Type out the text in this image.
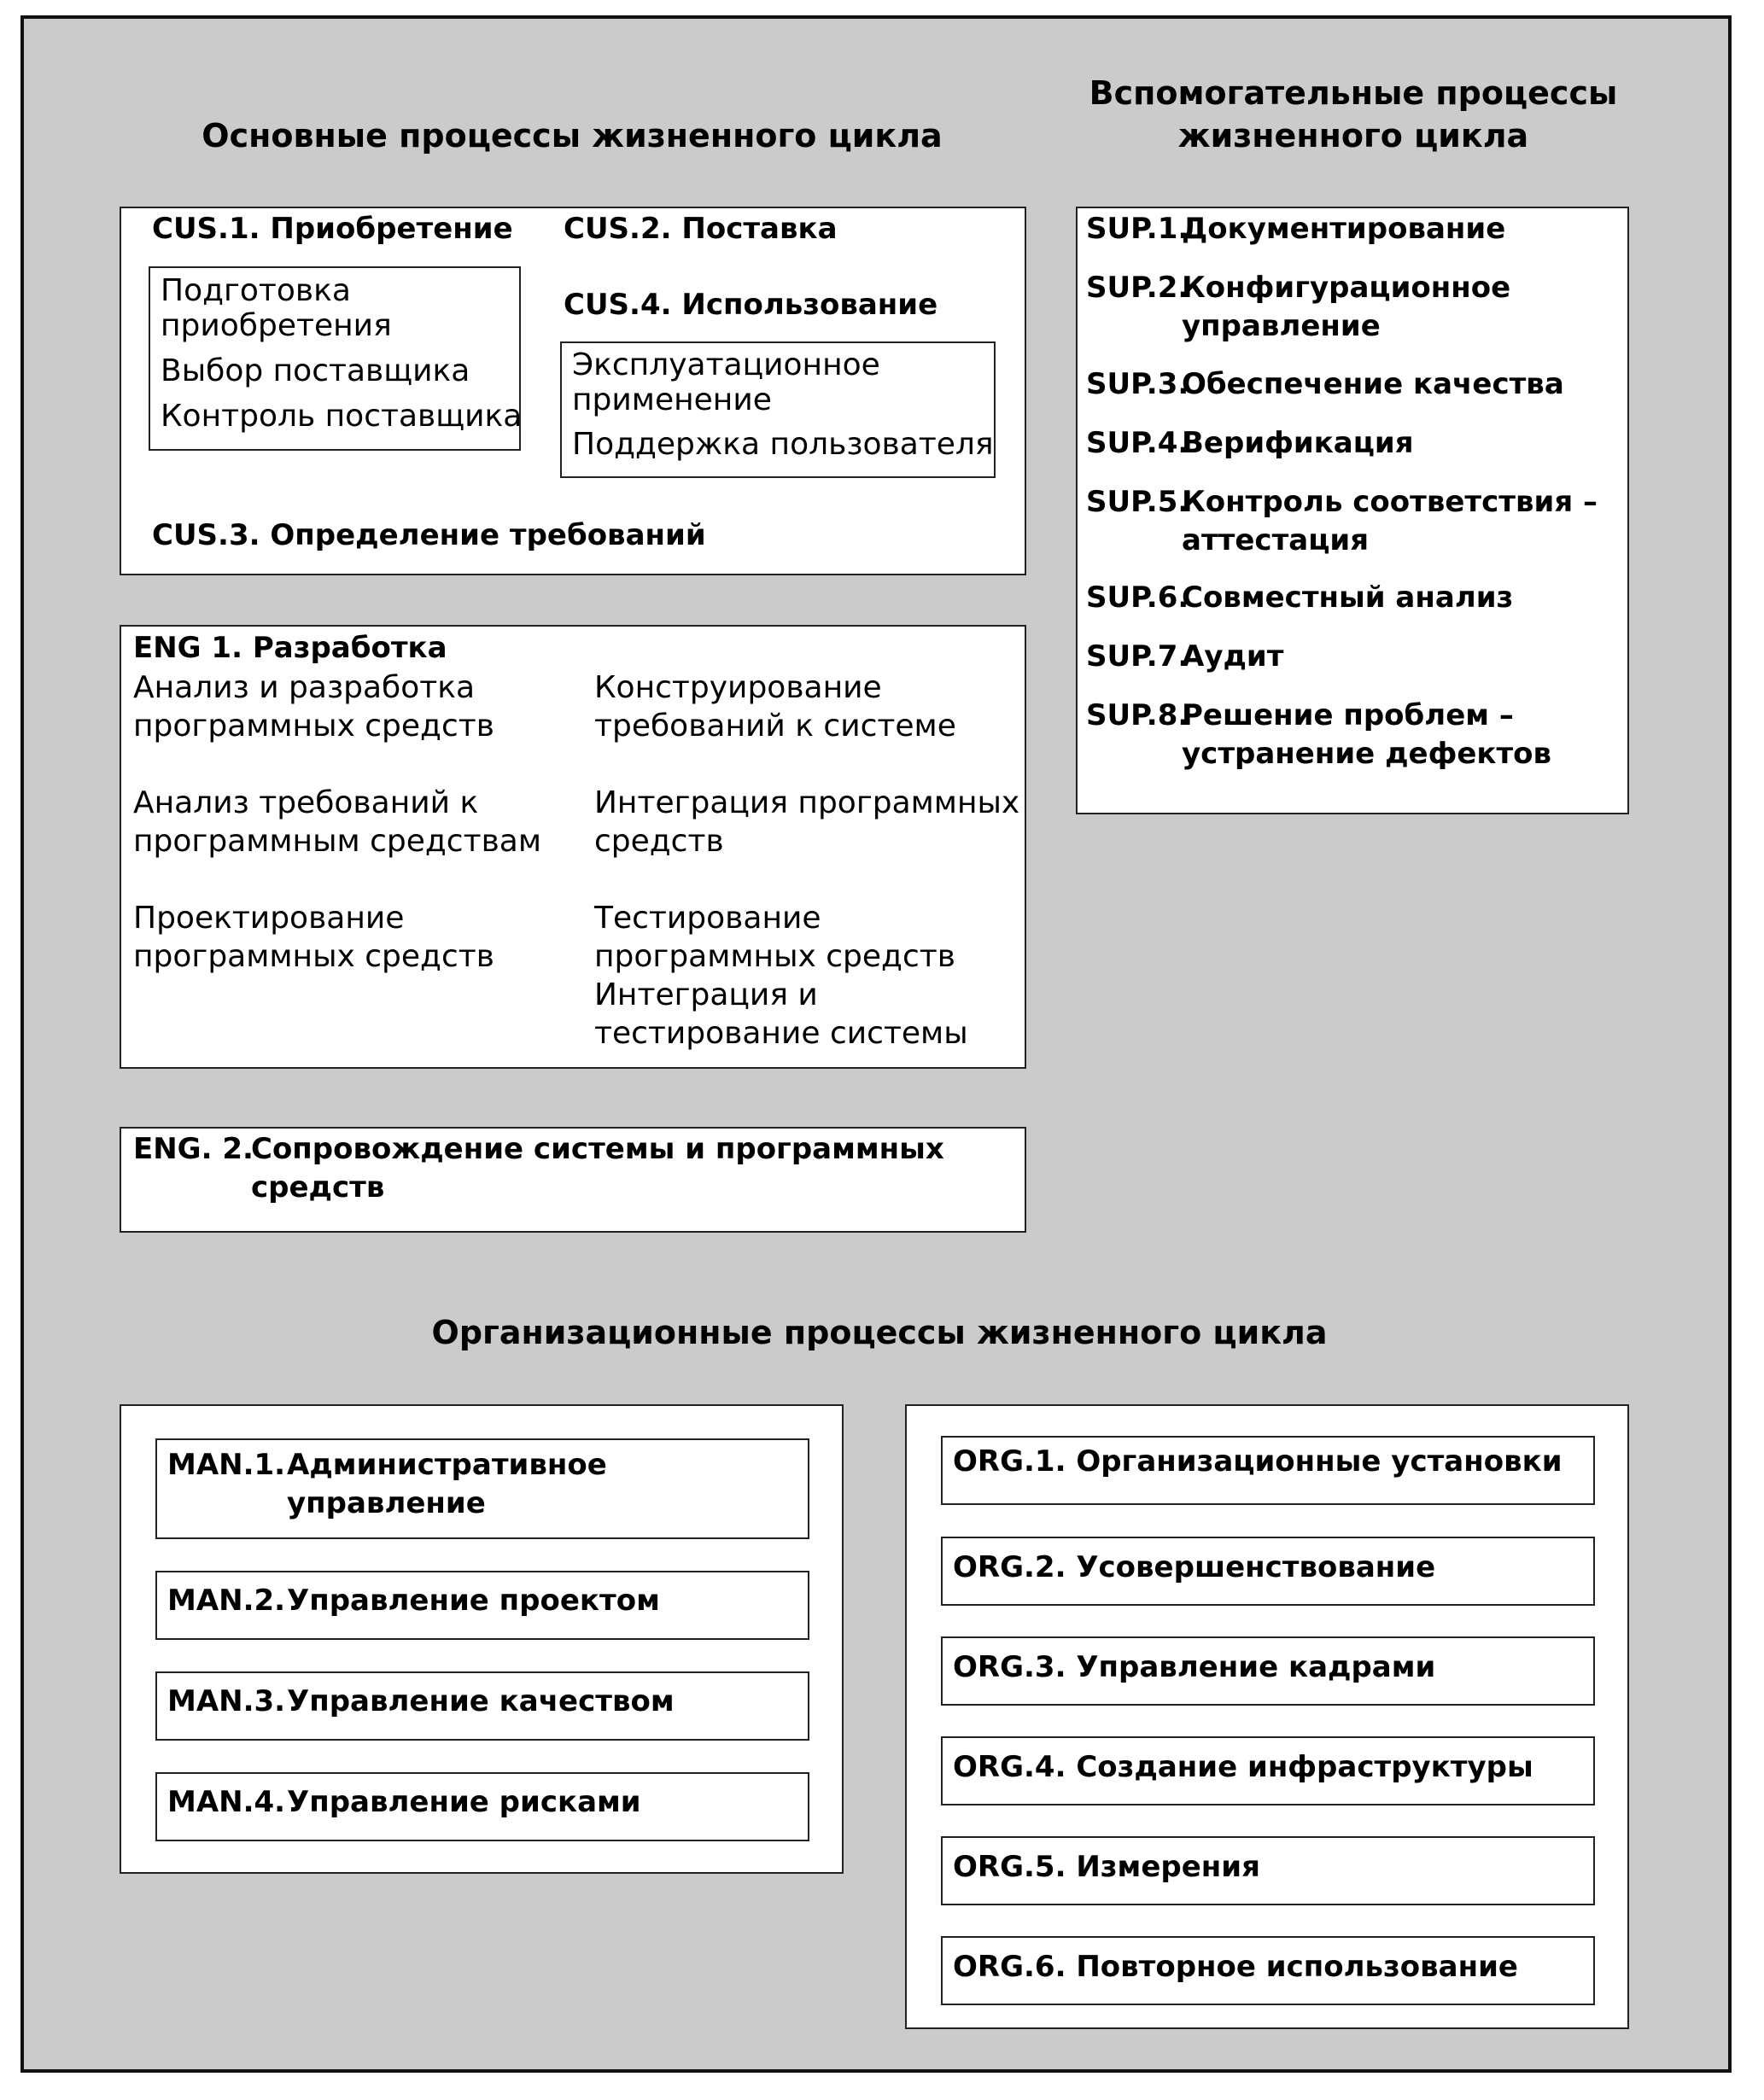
Основные процессы жизненного цикла
Вспомогательные процессы
жизненного цикла
Организационные процессы жизненного цикла
CUS.1. Приобретение
Подготовка
приобретения
Выбор поставщика
Контроль поставщика
CUS.2. Поставка
CUS.4. Использование
Эксплуатационное
применение
Поддержка пользователя
CUS.3. Определение требований
ENG 1. Разработка
Анализ и разработка
программных средств
Анализ требований к
программным средствам
Проектирование
программных средств
Конструирование
требований к системе
Интеграция программных
средств
Тестирование
программных средств
Интеграция и
тестирование системы
ENG. 2.
Сопровождение системы и программных
средств
SUP.1.
Документирование
SUP.2.
Конфигурационное
управление
SUP.3.
Обеспечение качества
SUP.4.
Верификация
SUP.5.
Контроль соответствия –
аттестация
SUP.6.
Совместный анализ
SUP.7.
Аудит
SUP.8.
Решение проблем –
устранение дефектов
MAN.1. Административное
управление
MAN.2. Управление проектом
MAN.3. Управление качеством
MAN.4. Управление рисками
ORG.1. Организационные установки
ORG.2. Усовершенствование
ORG.3. Управление кадрами
ORG.4. Создание инфраструктуры
ORG.5. Измерения
ORG.6. Повторное использование
